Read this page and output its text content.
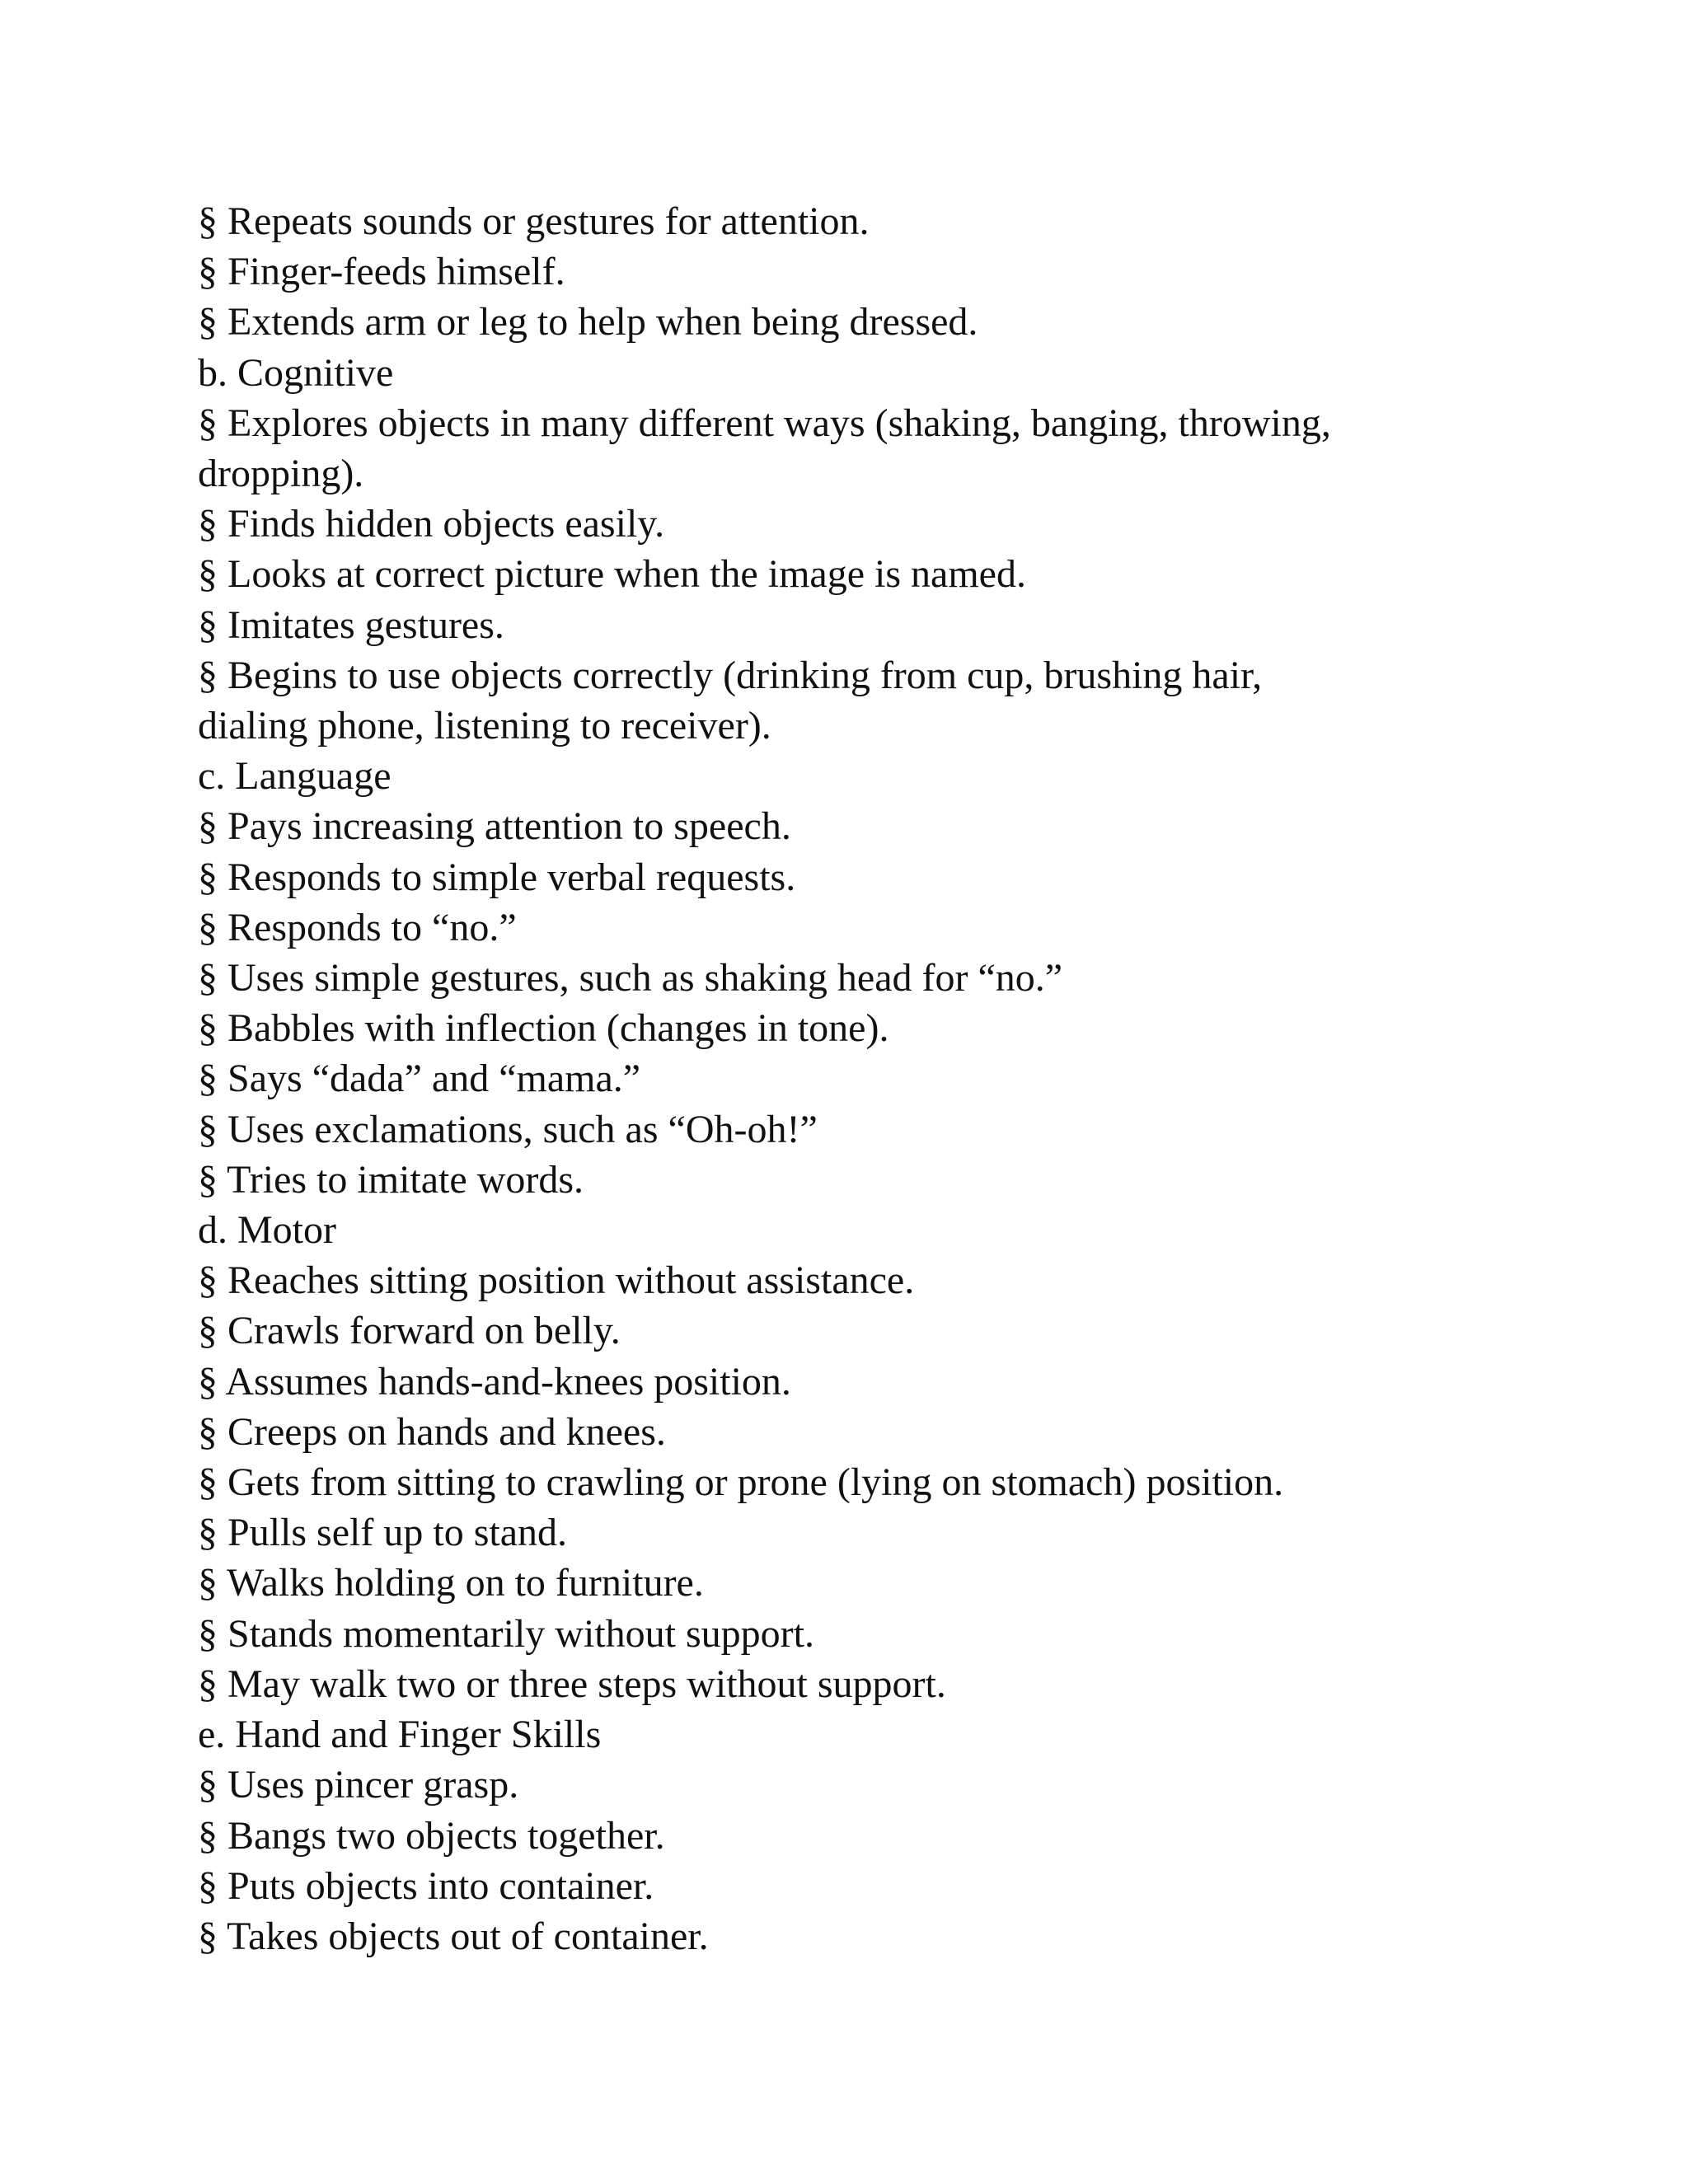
§ Repeats sounds or gestures for attention.

§ Finger-feeds himself.

§ Extends arm or leg to help when being dressed.

b. Cognitive

§ Explores objects in many different ways (shaking, banging, throwing,

dropping).

§ Finds hidden objects easily.

§ Looks at correct picture when the image is named.

§ Imitates gestures.

§ Begins to use objects correctly (drinking from cup, brushing hair,

dialing phone, listening to receiver).

c. Language

§ Pays increasing attention to speech.

§ Responds to simple verbal requests.

§ Responds to “no.”

§ Uses simple gestures, such as shaking head for “no.”

§ Babbles with inflection (changes in tone).

§ Says “dada” and “mama.”

§ Uses exclamations, such as “Oh-oh!”

§ Tries to imitate words.

d. Motor

§ Reaches sitting position without assistance.

§ Crawls forward on belly.

§ Assumes hands-and-knees position.

§ Creeps on hands and knees.

§ Gets from sitting to crawling or prone (lying on stomach) position.

§ Pulls self up to stand.

§ Walks holding on to furniture.

§ Stands momentarily without support.

§ May walk two or three steps without support.

e. Hand and Finger Skills

§ Uses pincer grasp.

§ Bangs two objects together.

§ Puts objects into container.

§ Takes objects out of container.
